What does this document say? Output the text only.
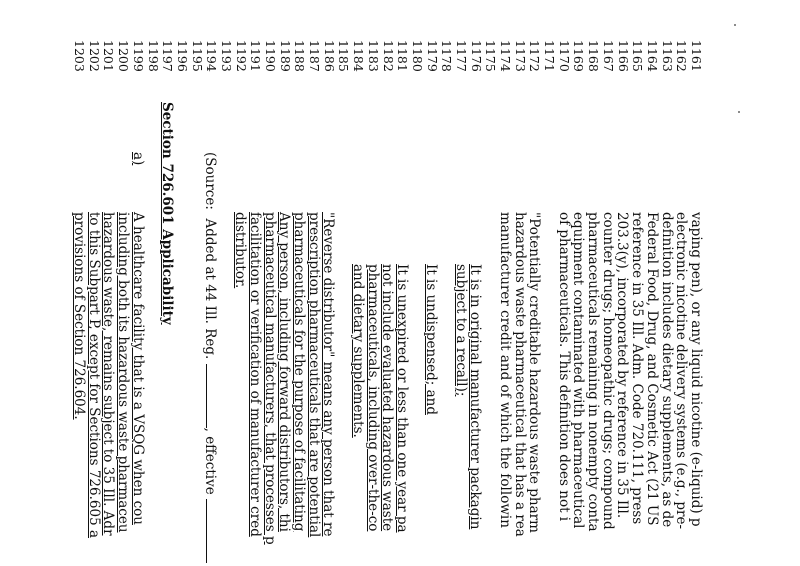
1161
1162
1163
1164
1165
1166
1167
1168
1169
1170
1171
1172
1173
1174
1175
1176
1177
1178
1179
1180
1181
1182
1183
1184
1185
1186
1187
1188
1189
1190
1191
1192
1193
1194
1195
1196
1197
1198
1199
1200
1201
1202
1203
vaping pen), or any liquid nicotine (e-liquid) p
electronic nicotine delivery systems (e.g., pre-
definition includes dietary supplements, as de
Federal Food, Drug, and Cosmetic Act (21 US
reference in 35 Ill. Adm. Code 720.111, press
203.3(y), incorporated by reference in 35 Ill.
counter drugs; homeopathic drugs; compound
pharmaceuticals remaining in nonempty conta
equipment contaminated with pharmaceutical
of pharmaceuticals. This definition does not i
"Potentially creditable hazardous waste pharm
hazardous waste pharmaceutical that has a rea
manufacturer credit and of which the followin
It is in original manufacturer packagin
subject to a recall);
It is undispensed; and
It is unexpired or less than one year pa
not include evaluated hazardous waste
pharmaceuticals, including over-the-co
and dietary supplements.
"Reverse distributor" means any person that re
prescription pharmaceuticals that are potential
pharmaceuticals for the purpose of facilitating
Any person, including forward distributors, thi
pharmaceutical manufacturers, that processes p
facilitation or verification of manufacturer cred
distributor.
(Source:  Added at 44 Ill. Reg. , effective
Section 726.601 Applicability
a)
A healthcare facility that is a VSQG when cou
including both its hazardous waste pharmaceu
hazardous waste, remains subject to 35 Ill. Adr
to this Subpart P, except for Sections 726.605 a
provisions of Section 726.604.
